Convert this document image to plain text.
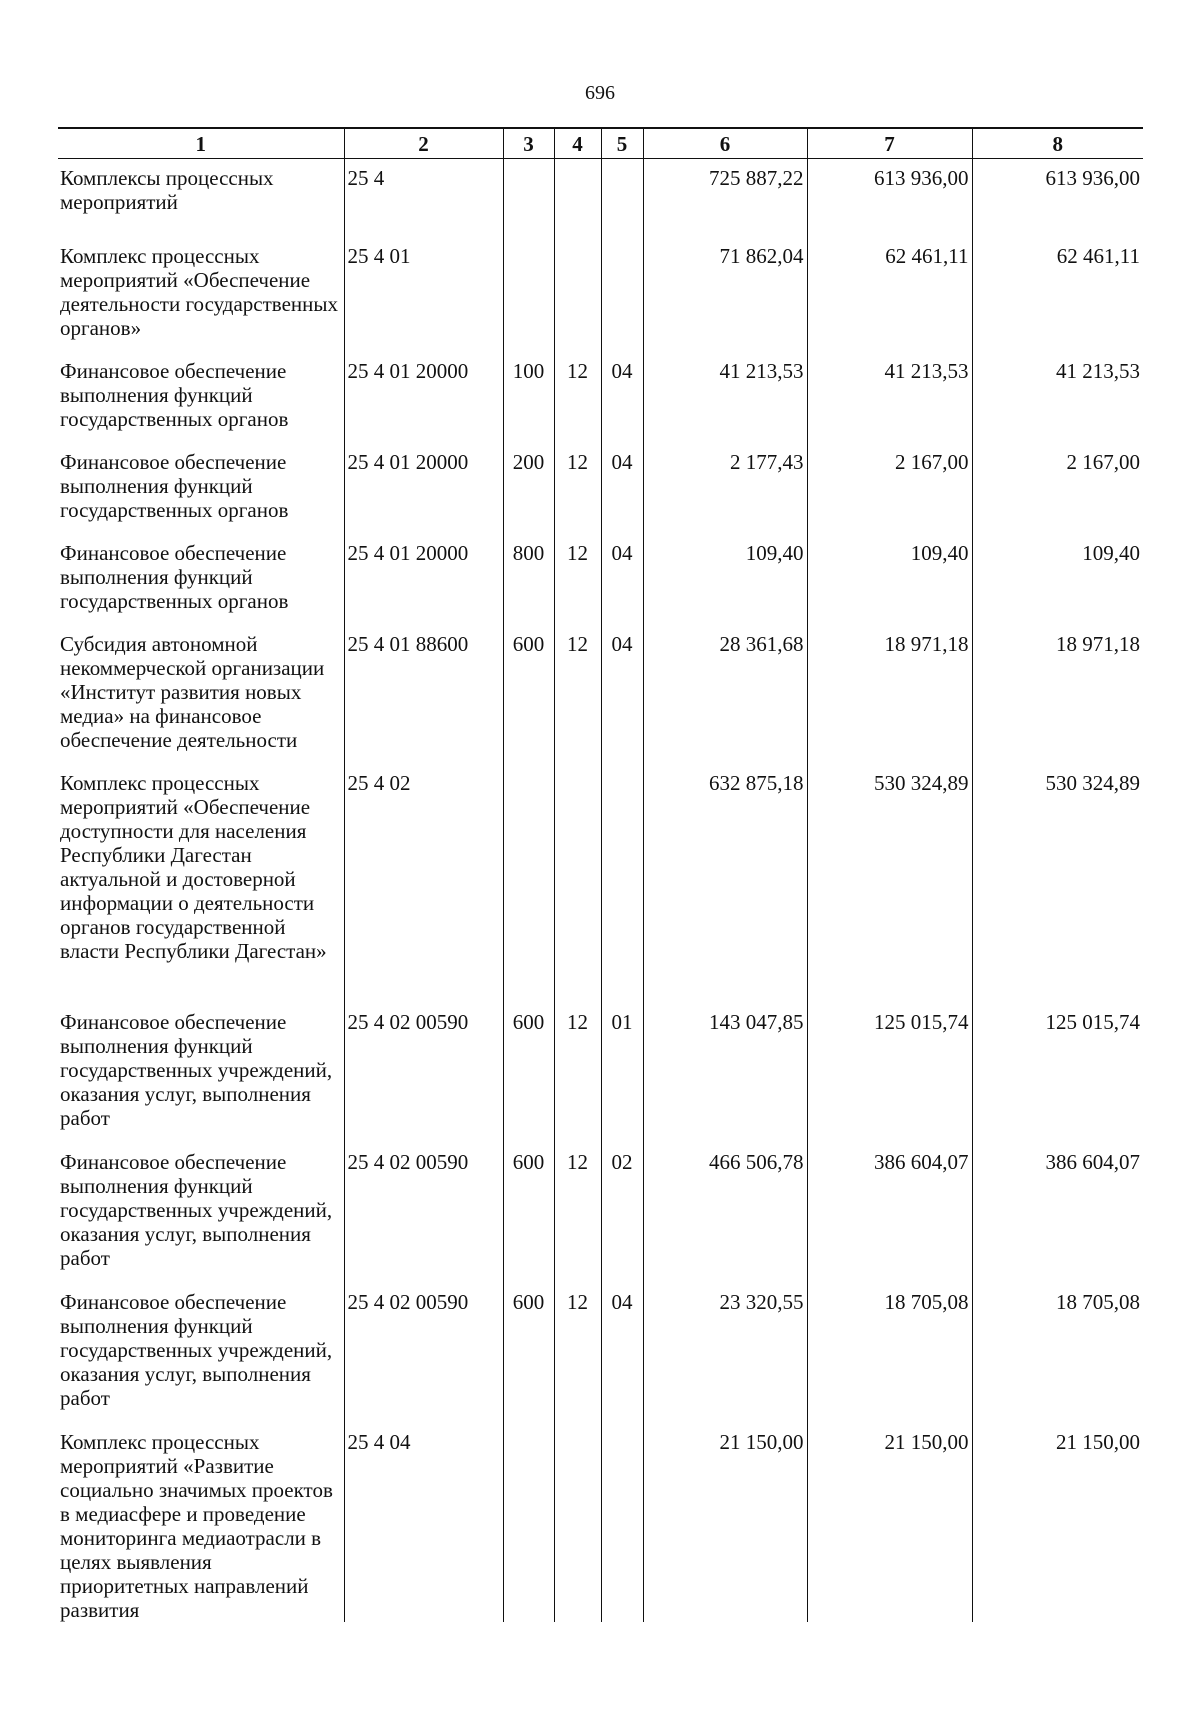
696
1	2	3	4	5	6	7	8
Комплексы процессных мероприятий	25 4				725 887,22	613 936,00	613 936,00
Комплекс процессных мероприятий «Обеспечение деятельности государственных органов»	25 4 01				71 862,04	62 461,11	62 461,11
Финансовое обеспечение выполнения функций государственных органов	25 4 01 20000	100	12	04	41 213,53	41 213,53	41 213,53
Финансовое обеспечение выполнения функций государственных органов	25 4 01 20000	200	12	04	2 177,43	2 167,00	2 167,00
Финансовое обеспечение выполнения функций государственных органов	25 4 01 20000	800	12	04	109,40	109,40	109,40
Субсидия автономной некоммерческой организации «Институт развития новых медиа» на финансовое обеспечение деятельности	25 4 01 88600	600	12	04	28 361,68	18 971,18	18 971,18
Комплекс процессных мероприятий «Обеспечение доступности для населения Республики Дагестан актуальной и достоверной информации о деятельности органов государственной власти Республики Дагестан»	25 4 02				632 875,18	530 324,89	530 324,89
Финансовое обеспечение выполнения функций государственных учреждений, оказания услуг, выполнения работ	25 4 02 00590	600	12	01	143 047,85	125 015,74	125 015,74
Финансовое обеспечение выполнения функций государственных учреждений, оказания услуг, выполнения работ	25 4 02 00590	600	12	02	466 506,78	386 604,07	386 604,07
Финансовое обеспечение выполнения функций государственных учреждений, оказания услуг, выполнения работ	25 4 02 00590	600	12	04	23 320,55	18 705,08	18 705,08
Комплекс процессных мероприятий «Развитие социально значимых проектов в медиасфере и проведение мониторинга медиаотрасли в целях выявления приоритетных направлений развития	25 4 04				21 150,00	21 150,00	21 150,00
